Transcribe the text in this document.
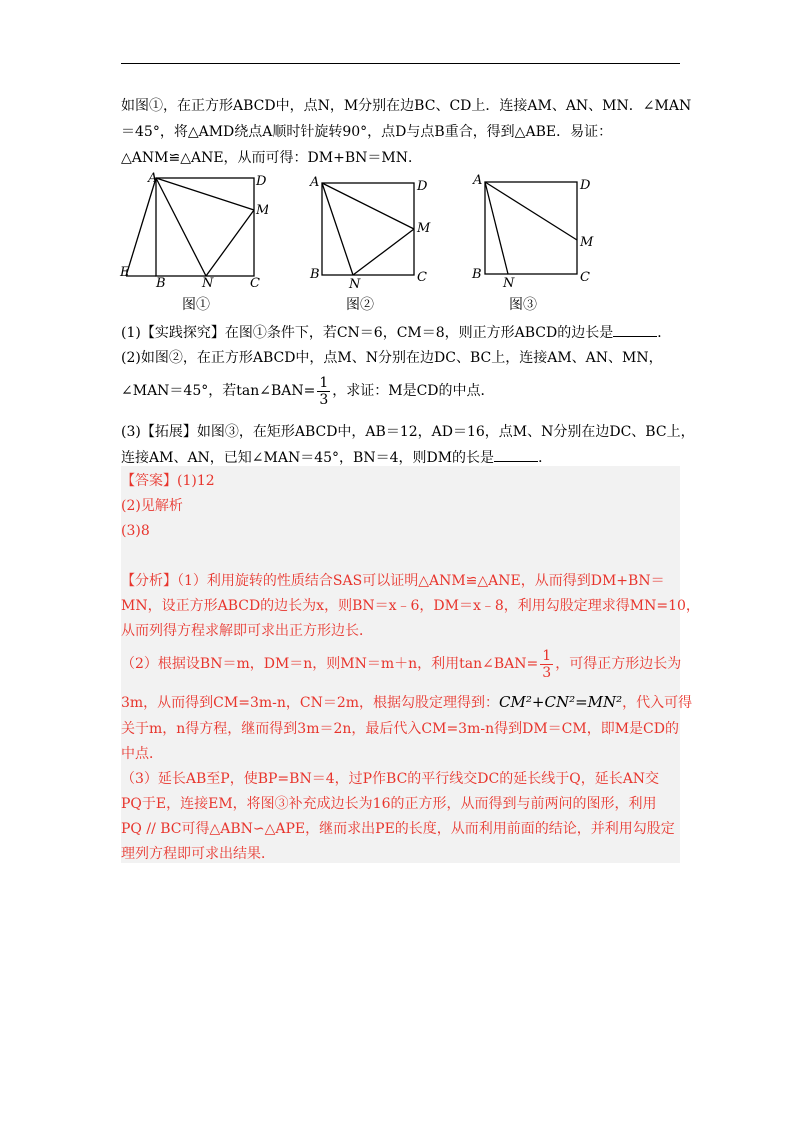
如图①，在正方形ABCD中，点N，M分别在边BC、CD上．连接AM、AN、MN．∠MAN
＝45°，将△AMD绕点A顺时针旋转90°，点D与点B重合，得到△ABE．易证：
△ANM≌△ANE，从而可得：DM+BN＝MN．
A	D
M
E
B	N	C
图①
A	D
M
B
N	C
图②
A	D
M
B
N	C
图③
(1)【实践探究】在图①条件下，若CN＝6，CM＝8，则正方形ABCD的边长是	．
(2)如图②，在正方形ABCD中，点M、N分别在边DC、BC上，连接AM、AN、MN，
∠MAN＝45°，若tan∠BAN= $\frac{1}{3}$ ，求证：M是CD的中点．
(3)【拓展】如图③，在矩形ABCD中，AB＝12，AD＝16，点M、N分别在边DC、BC上，
连接AM、AN，已知∠MAN＝45°，BN＝4，则DM的长是	．
【答案】(1)12
(2)见解析
(3)8
【分析】（1）利用旋转的性质结合SAS可以证明△ANM≌△ANE，从而得到DM+BN＝
MN，设正方形ABCD的边长为x，则BN＝x﹣6，DM＝x﹣8，利用勾股定理求得MN=10，
从而列得方程求解即可求出正方形边长．
（2）根据设BN＝m，DM＝n，则MN＝m＋n，利用tan∠BAN= $\frac{1}{3}$ ，可得正方形边长为
3m，从而得到CM=3m-n，CN＝2m，根据勾股定理得到：CM²+CN²=MN²，代入可得
关于m，n得方程，继而得到3m＝2n，最后代入CM=3m-n得到DM＝CM，即M是CD的
中点．
（3）延长AB至P，使BP=BN＝4，过P作BC的平行线交DC的延长线于Q，延长AN交
PQ于E，连接EM，将图③补充成边长为16的正方形，从而得到与前两问的图形，利用
PQ // BC可得△ABN∽△APE，继而求出PE的长度，从而利用前面的结论，并利用勾股定
理列方程即可求出结果．
